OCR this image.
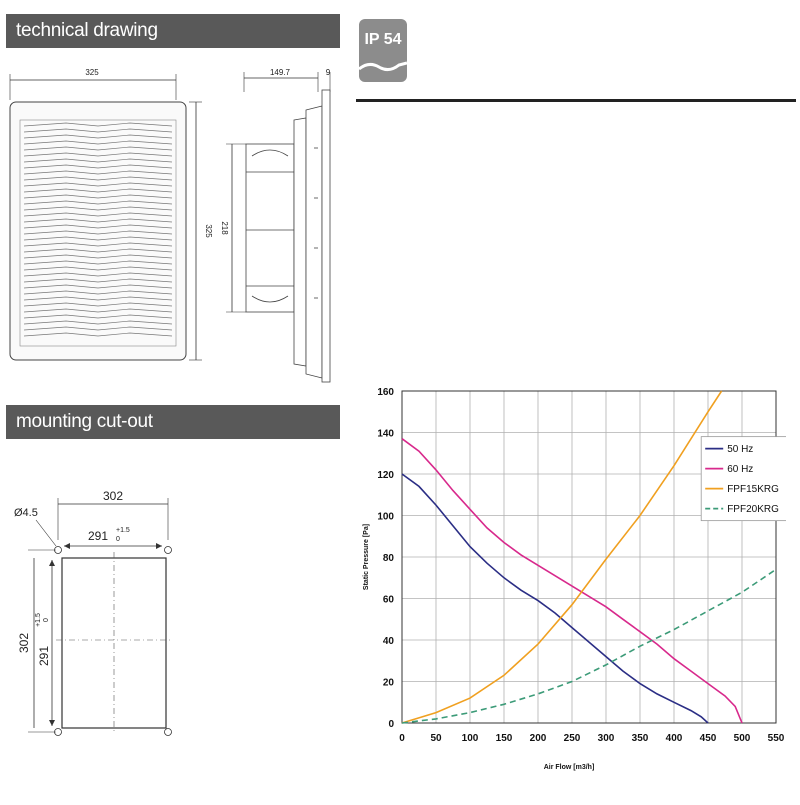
technical drawing
325
325
149.7	9
218
mounting cut-out
302
291 +1.5
0
Ø4.5
302
291
+1.5 0
IP 54
0	50 100 150 200 250 300 350 400 450 500 550
0
20
40
60
80
100
120
140
160
Air Flow [m3/h]
Static Pressure [Pa]
50 Hz
60 Hz
FPF15KRG
FPF20KRG
